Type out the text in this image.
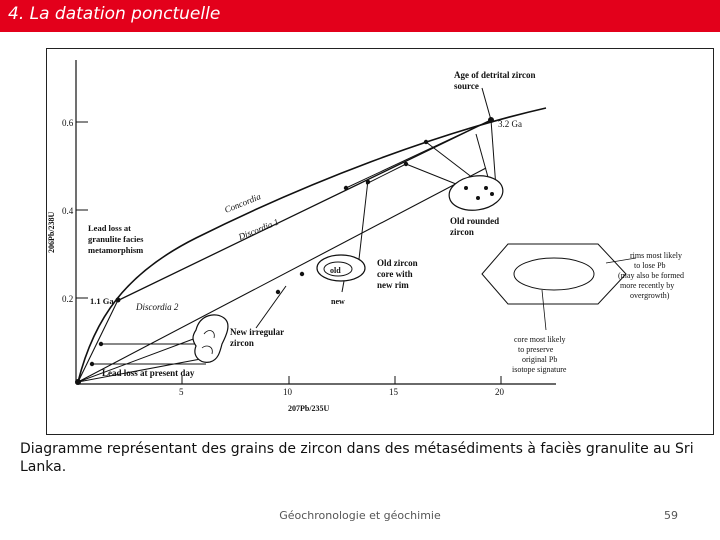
4. La datation ponctuelle
0.6
0.4
0.2
5	10	15	20
206Pb/238U
207Pb/235U
Age of detrital zircon
source
3.2 Ga
Concordia
Discordia 1
Discordia 2
Lead loss at
granulite facies
metamorphism
1.1 Ga
Old rounded
zircon
Old zircon
core with
new rim
old
new
New irregular
zircon
Lead loss at present day
rims most likely
to lose Pb
(may also be formed
more recently by
overgrowth)
core most likely
to preserve
original Pb
isotope signature
Diagramme représentant des grains de zircon dans des métasédiments à faciès granulite au Sri Lanka.
Géochronologie et géochimie	59
